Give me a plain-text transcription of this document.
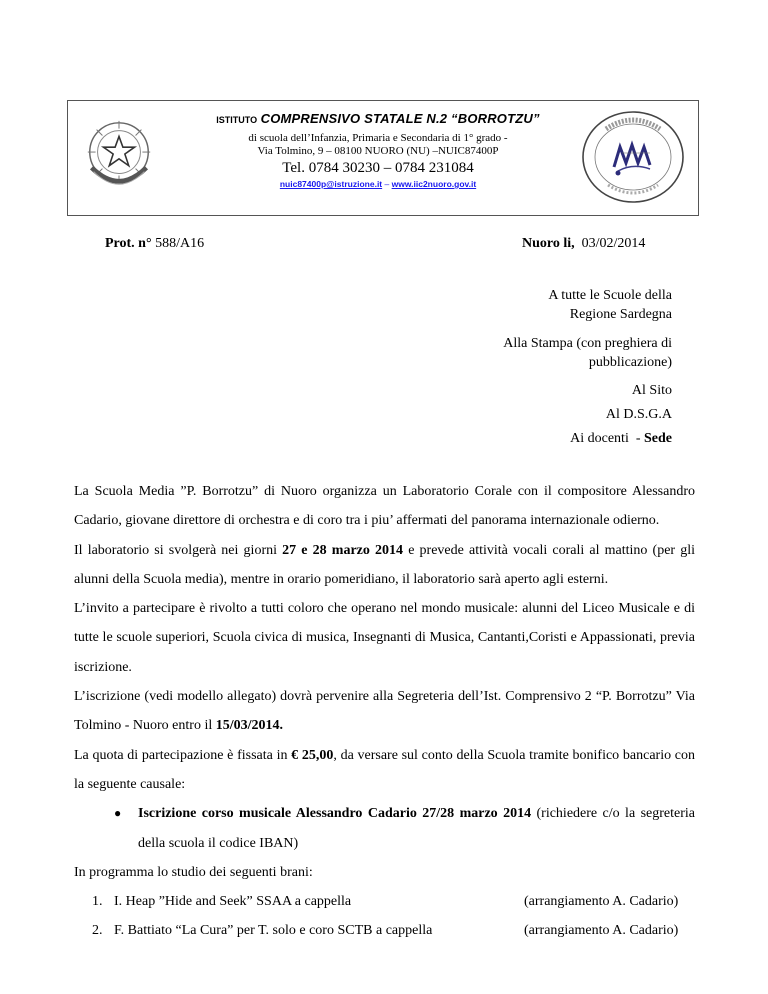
ISTITUTO COMPRENSIVO STATALE N.2 “BORROTZU”
di scuola dell’Infanzia, Primaria e Secondaria di 1° grado -
Via Tolmino, 9 – 08100 NUORO (NU) –NUIC87400P
Tel. 0784 30230 – 0784 231084
nuic87400p@istruzione.it – www.iic2nuoro.gov.it
Prot. n° 588/A16	Nuoro li, 03/02/2014
A tutte le Scuole della
Regione Sardegna
Alla Stampa (con preghiera di
pubblicazione)
Al Sito
Al D.S.G.A
Ai docenti  - Sede

La Scuola Media ”P. Borrotzu” di Nuoro organizza un Laboratorio Corale con il compositore Alessandro Cadario, giovane direttore di orchestra e di coro tra i piu’ affermati del panorama internazionale odierno.

Il laboratorio si svolgerà nei giorni 27 e 28 marzo 2014 e prevede attività vocali corali al mattino (per gli alunni della Scuola media), mentre in orario pomeridiano, il laboratorio sarà aperto agli esterni.

L’invito a partecipare è rivolto a tutti coloro che operano nel mondo musicale: alunni del Liceo Musicale e di tutte le scuole superiori, Scuola civica di musica, Insegnanti di Musica, Cantanti,Coristi e Appassionati, previa iscrizione.

L’iscrizione (vedi modello allegato) dovrà pervenire alla Segreteria dell’Ist. Comprensivo 2 “P. Borrotzu” Via Tolmino - Nuoro entro il 15/03/2014.

La quota di partecipazione è fissata in € 25,00, da versare sul conto della Scuola tramite bonifico bancario con la seguente causale:

●	Iscrizione corso musicale Alessandro Cadario 27/28 marzo 2014 (richiedere c/o la segreteria della scuola il codice IBAN)

In programma lo studio dei seguenti brani:

1. I. Heap ”Hide and Seek” SSAA a cappella	(arrangiamento A. Cadario)
2. F. Battiato “La Cura” per T. solo e coro SCTB a cappella	(arrangiamento A. Cadario)
